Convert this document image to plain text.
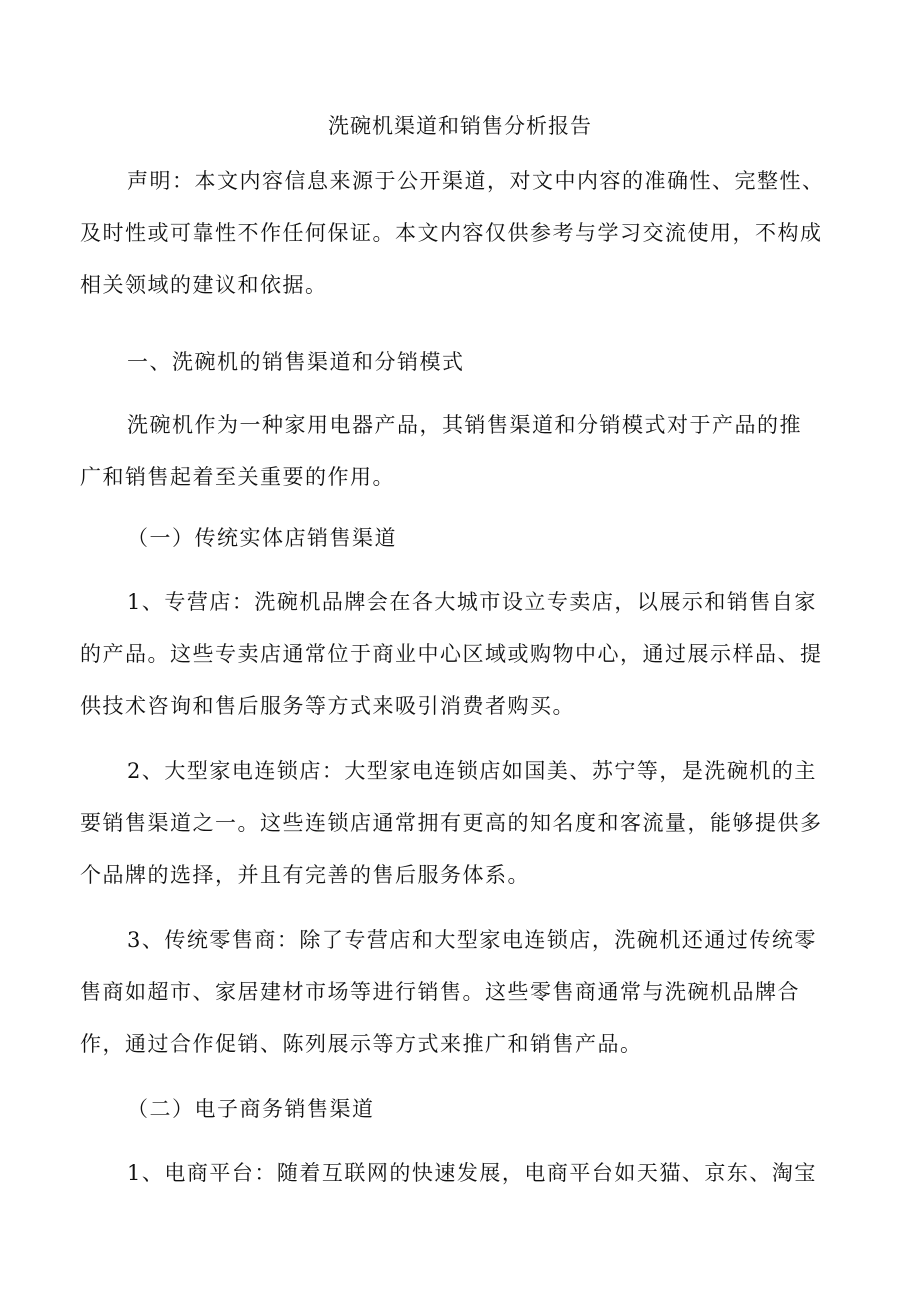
洗碗机渠道和销售分析报告
声明：本文内容信息来源于公开渠道，对文中内容的准确性、完整性、
及时性或可靠性不作任何保证。本文内容仅供参考与学习交流使用，不构成
相关领域的建议和依据。
一、洗碗机的销售渠道和分销模式
洗碗机作为一种家用电器产品，其销售渠道和分销模式对于产品的推
广和销售起着至关重要的作用。
（一）传统实体店销售渠道
1、专营店：洗碗机品牌会在各大城市设立专卖店，以展示和销售自家
的产品。这些专卖店通常位于商业中心区域或购物中心，通过展示样品、提
供技术咨询和售后服务等方式来吸引消费者购买。
2、大型家电连锁店：大型家电连锁店如国美、苏宁等，是洗碗机的主
要销售渠道之一。这些连锁店通常拥有更高的知名度和客流量，能够提供多
个品牌的选择，并且有完善的售后服务体系。
3、传统零售商：除了专营店和大型家电连锁店，洗碗机还通过传统零
售商如超市、家居建材市场等进行销售。这些零售商通常与洗碗机品牌合
作，通过合作促销、陈列展示等方式来推广和销售产品。
（二）电子商务销售渠道
1、电商平台：随着互联网的快速发展，电商平台如天猫、京东、淘宝
